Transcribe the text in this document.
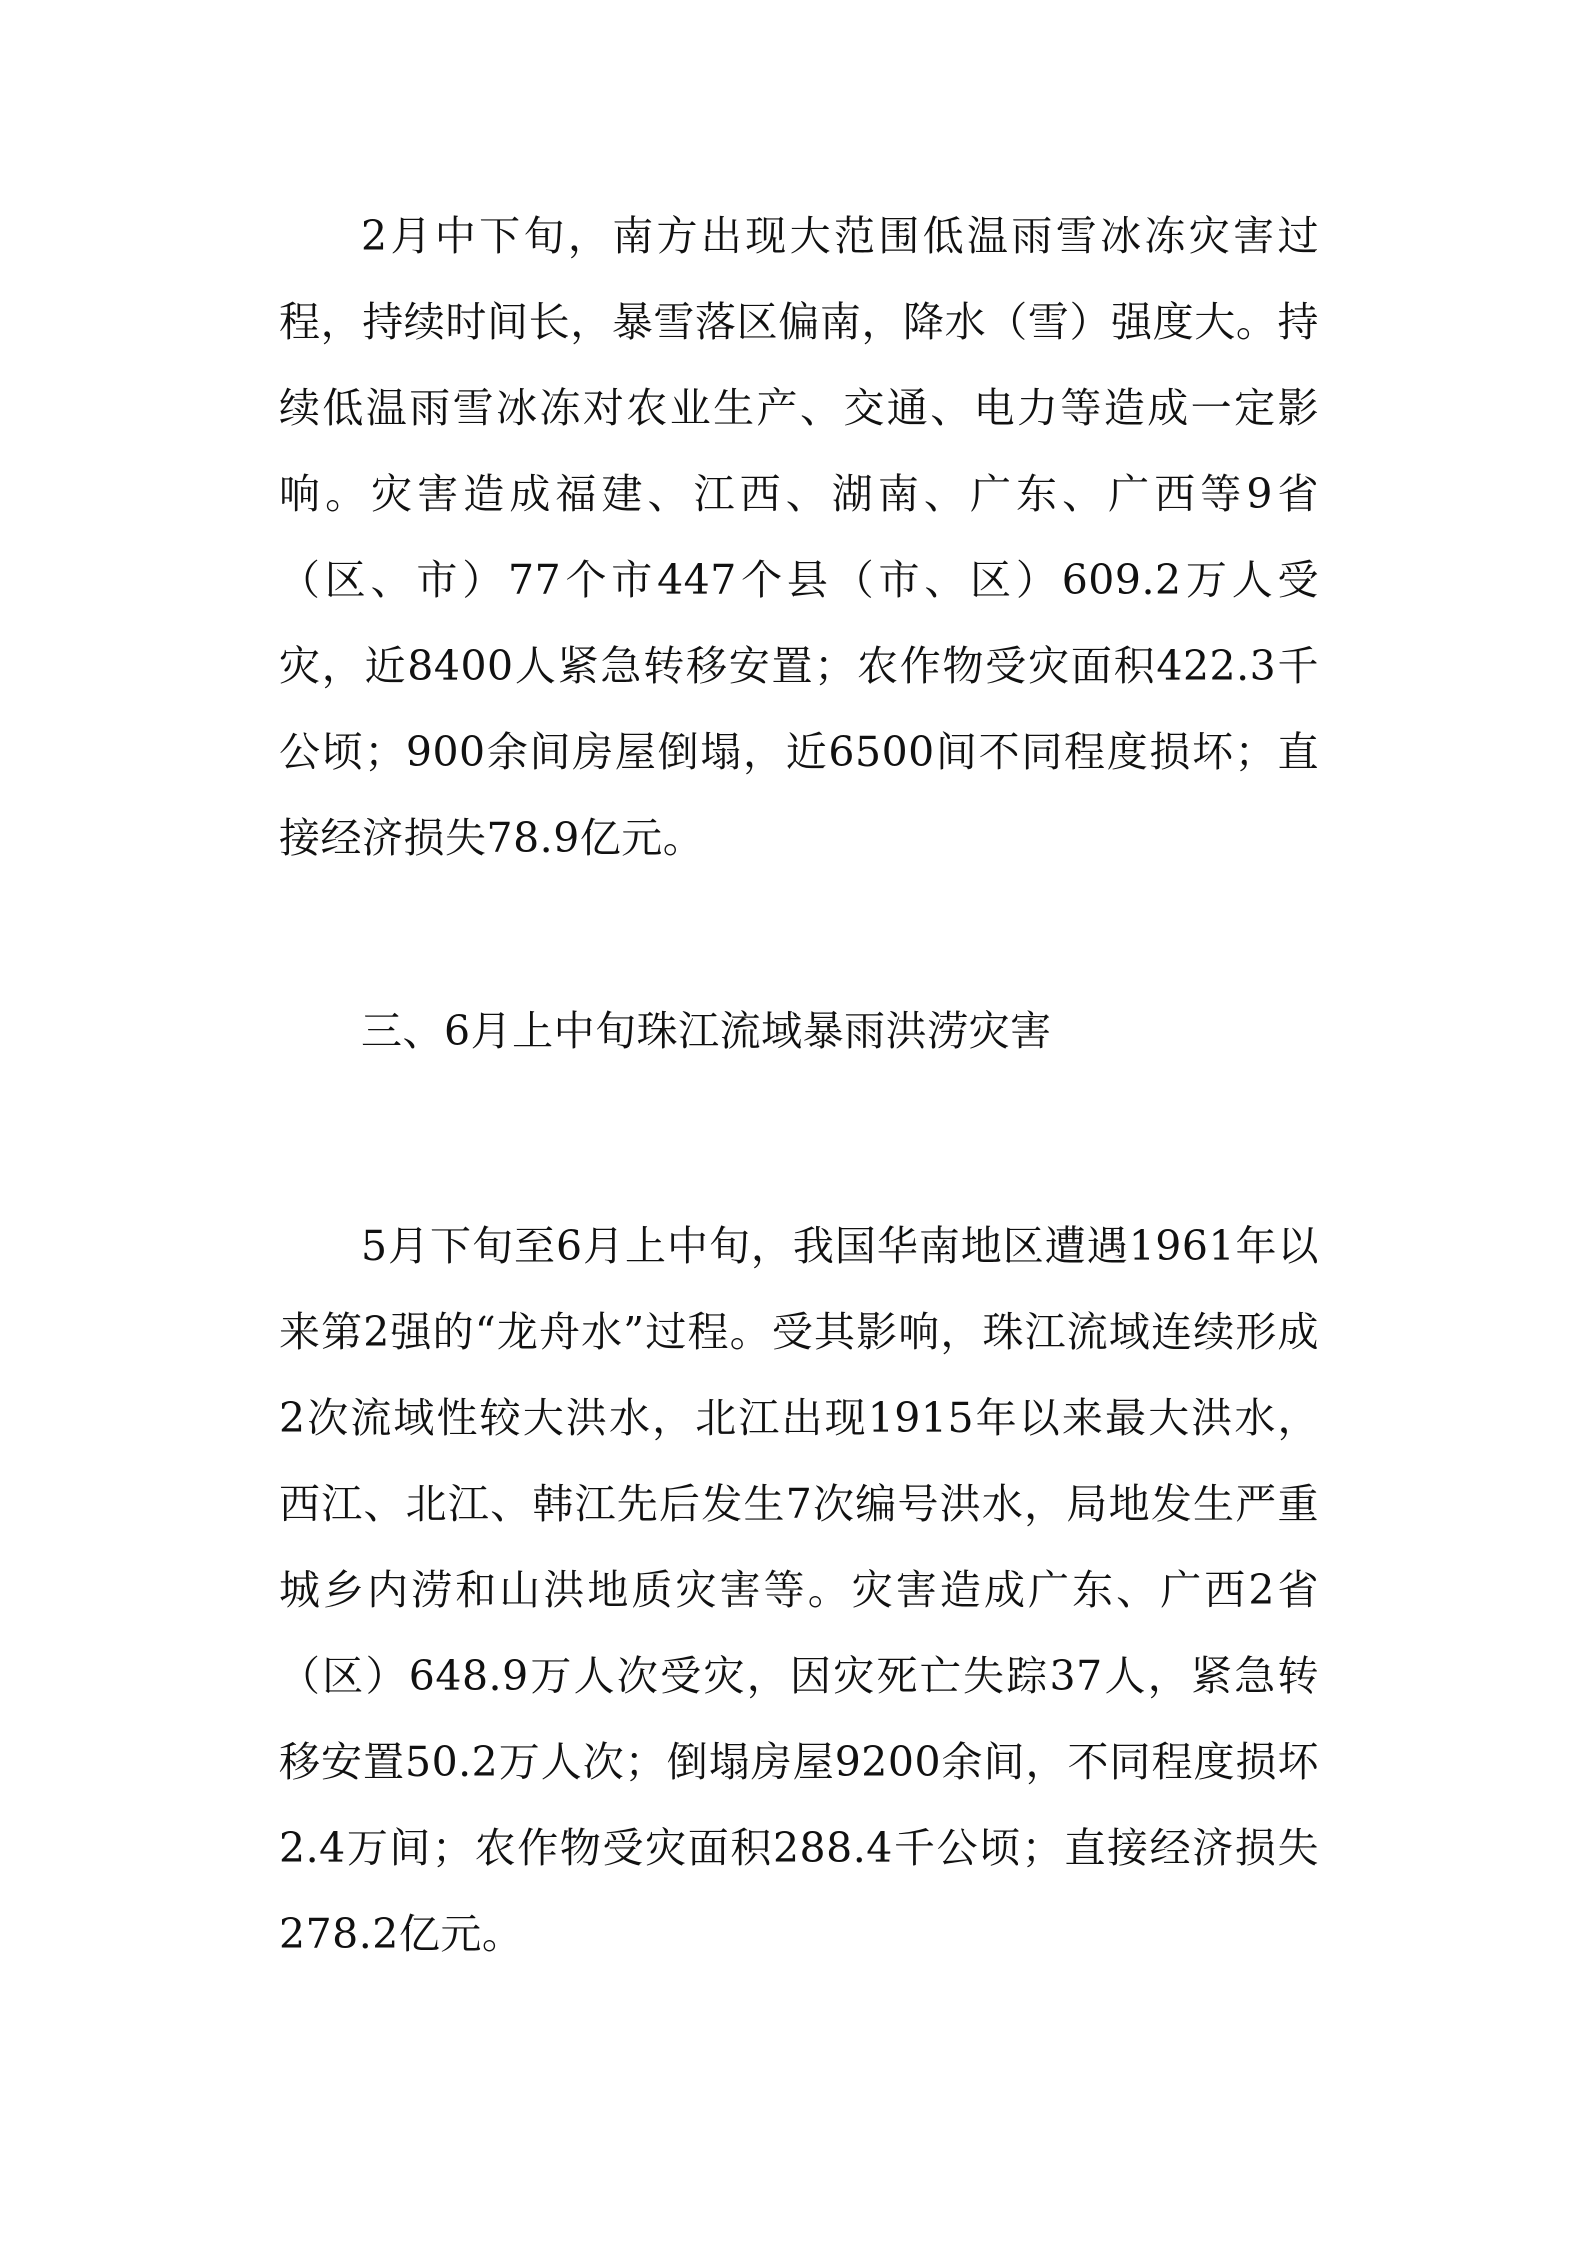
2月中下旬，南方出现大范围低温雨雪冰冻灾害过程，持续时间长，暴雪落区偏南，降水（雪）强度大。持续低温雨雪冰冻对农业生产、交通、电力等造成一定影响。灾害造成福建、江西、湖南、广东、广西等9省（区、市）77个市447个县（市、区）609.2万人受灾，近8400人紧急转移安置；农作物受灾面积422.3千公顷；900余间房屋倒塌，近6500间不同程度损坏；直接经济损失78.9亿元。

三、6月上中旬珠江流域暴雨洪涝灾害

5月下旬至6月上中旬，我国华南地区遭遇1961年以来第2强的“龙舟水”过程。受其影响，珠江流域连续形成2次流域性较大洪水，北江出现1915年以来最大洪水，西江、北江、韩江先后发生7次编号洪水，局地发生严重城乡内涝和山洪地质灾害等。灾害造成广东、广西2省（区）648.9万人次受灾，因灾死亡失踪37人，紧急转移安置50.2万人次；倒塌房屋9200余间，不同程度损坏2.4万间；农作物受灾面积288.4千公顷；直接经济损失278.2亿元。
